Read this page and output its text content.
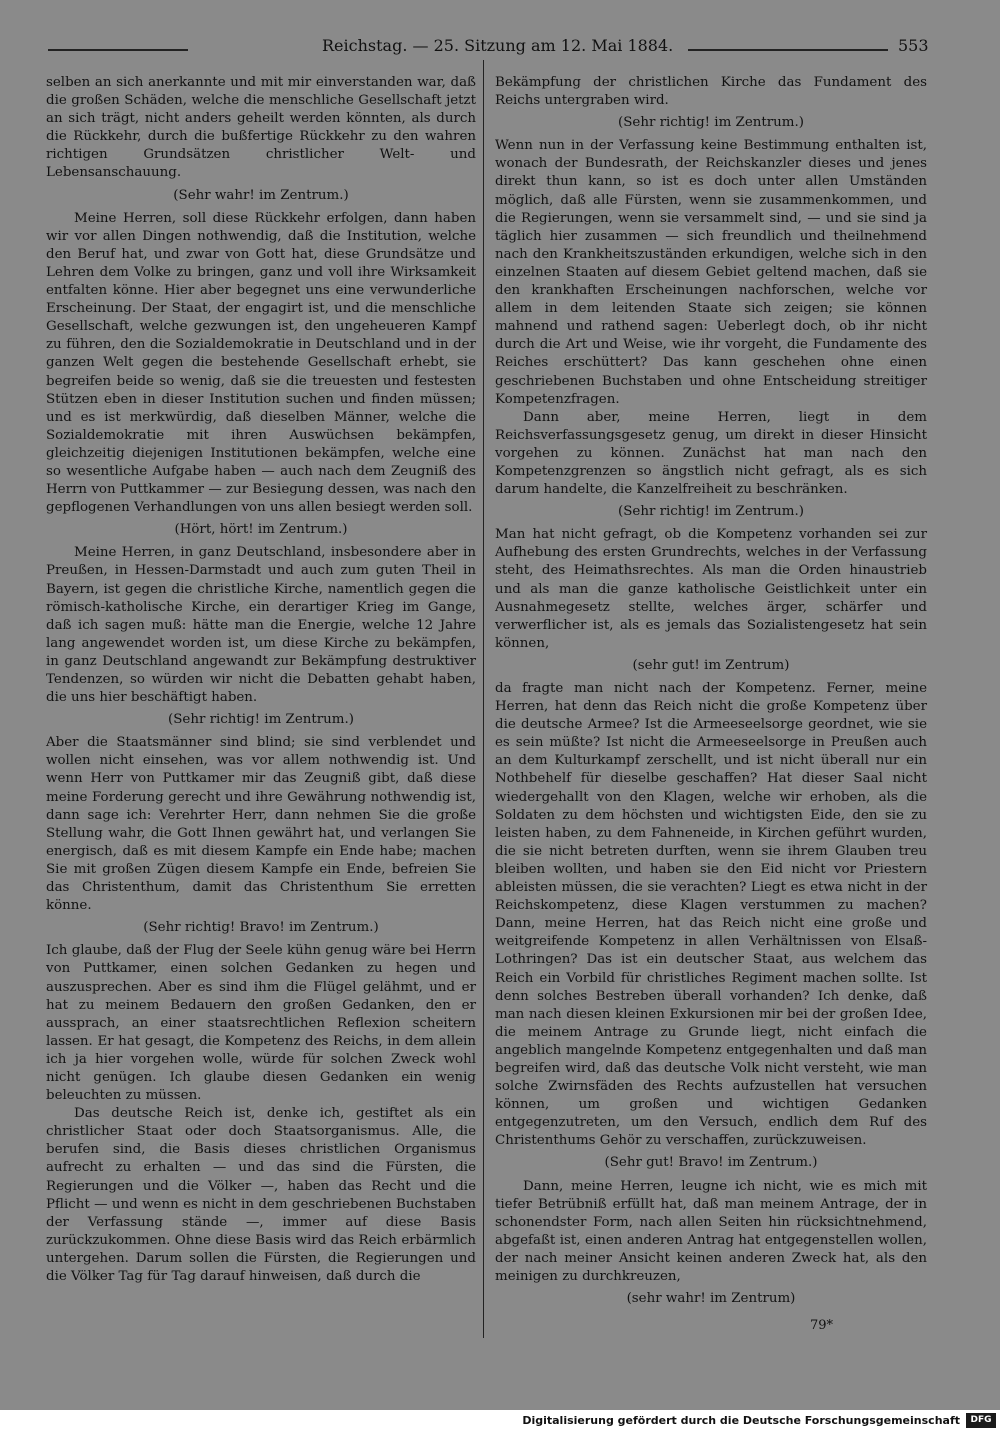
Reichstag. — 25. Sitzung am 12. Mai 1884.	553

selben an sich anerkannte und mit mir einverstanden war, daß die großen Schäden, welche die menschliche Gesellschaft jetzt an sich trägt, nicht anders geheilt werden könnten, als durch die Rückkehr, durch die bußfertige Rückkehr zu den wahren richtigen Grundsätzen christlicher Welt- und Lebensanschauung.

(Sehr wahr! im Zentrum.)

Meine Herren, soll diese Rückkehr erfolgen, dann haben wir vor allen Dingen nothwendig, daß die Institution, welche den Beruf hat, und zwar von Gott hat, diese Grundsätze und Lehren dem Volke zu bringen, ganz und voll ihre Wirksamkeit entfalten könne. Hier aber begegnet uns eine verwunderliche Erscheinung. Der Staat, der engagirt ist, und die menschliche Gesellschaft, welche gezwungen ist, den ungeheueren Kampf zu führen, den die Sozialdemokratie in Deutschland und in der ganzen Welt gegen die bestehende Gesellschaft erhebt, sie begreifen beide so wenig, daß sie die treuesten und festesten Stützen eben in dieser Institution suchen und finden müssen; und es ist merkwürdig, daß dieselben Männer, welche die Sozialdemokratie mit ihren Auswüchsen bekämpfen, gleichzeitig diejenigen Institutionen bekämpfen, welche eine so wesentliche Aufgabe haben — auch nach dem Zeugniß des Herrn von Puttkammer — zur Besiegung dessen, was nach den gepflogenen Verhandlungen von uns allen besiegt werden soll.

(Hört, hört! im Zentrum.)

Meine Herren, in ganz Deutschland, insbesondere aber in Preußen, in Hessen-Darmstadt und auch zum guten Theil in Bayern, ist gegen die christliche Kirche, namentlich gegen die römisch-katholische Kirche, ein derartiger Krieg im Gange, daß ich sagen muß: hätte man die Energie, welche 12 Jahre lang angewendet worden ist, um diese Kirche zu bekämpfen, in ganz Deutschland angewandt zur Bekämpfung destruktiver Tendenzen, so würden wir nicht die Debatten gehabt haben, die uns hier beschäftigt haben.

(Sehr richtig! im Zentrum.)

Aber die Staatsmänner sind blind; sie sind verblendet und wollen nicht einsehen, was vor allem nothwendig ist. Und wenn Herr von Puttkamer mir das Zeugniß gibt, daß diese meine Forderung gerecht und ihre Gewährung nothwendig ist, dann sage ich: Verehrter Herr, dann nehmen Sie die große Stellung wahr, die Gott Ihnen gewährt hat, und verlangen Sie energisch, daß es mit diesem Kampfe ein Ende habe; machen Sie mit großen Zügen diesem Kampfe ein Ende, befreien Sie das Christenthum, damit das Christenthum Sie erretten könne.

(Sehr richtig! Bravo! im Zentrum.)

Ich glaube, daß der Flug der Seele kühn genug wäre bei Herrn von Puttkamer, einen solchen Gedanken zu hegen und auszusprechen. Aber es sind ihm die Flügel gelähmt, und er hat zu meinem Bedauern den großen Gedanken, den er aussprach, an einer staatsrechtlichen Reflexion scheitern lassen. Er hat gesagt, die Kompetenz des Reichs, in dem allein ich ja hier vorgehen wolle, würde für solchen Zweck wohl nicht genügen. Ich glaube diesen Gedanken ein wenig beleuchten zu müssen.

Das deutsche Reich ist, denke ich, gestiftet als ein christlicher Staat oder doch Staatsorganismus. Alle, die berufen sind, die Basis dieses christlichen Organismus aufrecht zu erhalten — und das sind die Fürsten, die Regierungen und die Völker —, haben das Recht und die Pflicht — und wenn es nicht in dem geschriebenen Buchstaben der Verfassung stände —, immer auf diese Basis zurückzukommen. Ohne diese Basis wird das Reich erbärmlich untergehen. Darum sollen die Fürsten, die Regierungen und die Völker Tag für Tag darauf hinweisen, daß durch die

Bekämpfung der christlichen Kirche das Fundament des Reichs untergraben wird.

(Sehr richtig! im Zentrum.)

Wenn nun in der Verfassung keine Bestimmung enthalten ist, wonach der Bundesrath, der Reichskanzler dieses und jenes direkt thun kann, so ist es doch unter allen Umständen möglich, daß alle Fürsten, wenn sie zusammenkommen, und die Regierungen, wenn sie versammelt sind, — und sie sind ja täglich hier zusammen — sich freundlich und theilnehmend nach den Krankheitszuständen erkundigen, welche sich in den einzelnen Staaten auf diesem Gebiet geltend machen, daß sie den krankhaften Erscheinungen nachforschen, welche vor allem in dem leitenden Staate sich zeigen; sie können mahnend und rathend sagen: Ueberlegt doch, ob ihr nicht durch die Art und Weise, wie ihr vorgeht, die Fundamente des Reiches erschüttert? Das kann geschehen ohne einen geschriebenen Buchstaben und ohne Entscheidung streitiger Kompetenzfragen.

Dann aber, meine Herren, liegt in dem Reichsverfassungsgesetz genug, um direkt in dieser Hinsicht vorgehen zu können. Zunächst hat man nach den Kompetenzgrenzen so ängstlich nicht gefragt, als es sich darum handelte, die Kanzelfreiheit zu beschränken.

(Sehr richtig! im Zentrum.)

Man hat nicht gefragt, ob die Kompetenz vorhanden sei zur Aufhebung des ersten Grundrechts, welches in der Verfassung steht, des Heimathsrechtes. Als man die Orden hinaustrieb und als man die ganze katholische Geistlichkeit unter ein Ausnahmegesetz stellte, welches ärger, schärfer und verwerflicher ist, als es jemals das Sozialistengesetz hat sein können,

(sehr gut! im Zentrum)

da fragte man nicht nach der Kompetenz. Ferner, meine Herren, hat denn das Reich nicht die große Kompetenz über die deutsche Armee? Ist die Armeeseelsorge geordnet, wie sie es sein müßte? Ist nicht die Armeeseelsorge in Preußen auch an dem Kulturkampf zerschellt, und ist nicht überall nur ein Nothbehelf für dieselbe geschaffen? Hat dieser Saal nicht wiedergehallt von den Klagen, welche wir erhoben, als die Soldaten zu dem höchsten und wichtigsten Eide, den sie zu leisten haben, zu dem Fahneneide, in Kirchen geführt wurden, die sie nicht betreten durften, wenn sie ihrem Glauben treu bleiben wollten, und haben sie den Eid nicht vor Priestern ableisten müssen, die sie verachten? Liegt es etwa nicht in der Reichskompetenz, diese Klagen verstummen zu machen? Dann, meine Herren, hat das Reich nicht eine große und weitgreifende Kompetenz in allen Verhältnissen von Elsaß-Lothringen? Das ist ein deutscher Staat, aus welchem das Reich ein Vorbild für christliches Regiment machen sollte. Ist denn solches Bestreben überall vorhanden? Ich denke, daß man nach diesen kleinen Exkursionen mir bei der großen Idee, die meinem Antrage zu Grunde liegt, nicht einfach die angeblich mangelnde Kompetenz entgegenhalten und daß man begreifen wird, daß das deutsche Volk nicht versteht, wie man solche Zwirnsfäden des Rechts aufzustellen hat versuchen können, um großen und wichtigen Gedanken entgegenzutreten, um den Versuch, endlich dem Ruf des Christenthums Gehör zu verschaffen, zurückzuweisen.

(Sehr gut! Bravo! im Zentrum.)

Dann, meine Herren, leugne ich nicht, wie es mich mit tiefer Betrübniß erfüllt hat, daß man meinem Antrage, der in schonendster Form, nach allen Seiten hin rücksichtnehmend, abgefaßt ist, einen anderen Antrag hat entgegenstellen wollen, der nach meiner Ansicht keinen anderen Zweck hat, als den meinigen zu durchkreuzen,

(sehr wahr! im Zentrum)

79*
Digitalisierung gefördert durch die Deutsche Forschungsgemeinschaft	DFG
